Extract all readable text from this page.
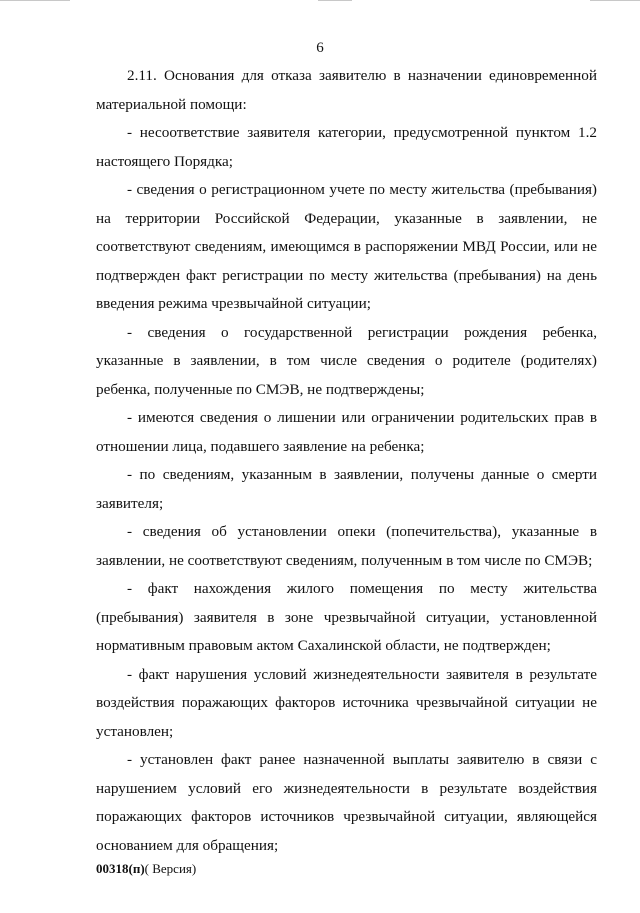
6

2.11. Основания для отказа заявителю в назначении единовременной материальной помощи:

- несоответствие заявителя категории, предусмотренной пунктом 1.2 настоящего Порядка;

- сведения о регистрационном учете по месту жительства (пребывания) на территории Российской Федерации, указанные в заявлении, не соответствуют сведениям, имеющимся в распоряжении МВД России, или не подтвержден факт регистрации по месту жительства (пребывания) на день введения режима чрезвычайной ситуации;

- сведения о государственной регистрации рождения ребенка, указанные в заявлении, в том числе сведения о родителе (родителях) ребенка, полученные по СМЭВ, не подтверждены;

- имеются сведения о лишении или ограничении родительских прав в отношении лица, подавшего заявление на ребенка;

- по сведениям, указанным в заявлении, получены данные о смерти заявителя;

- сведения об установлении опеки (попечительства), указанные в заявлении, не соответствуют сведениям, полученным в том числе по СМЭВ;

- факт нахождения жилого помещения по месту жительства (пребывания) заявителя в зоне чрезвычайной ситуации, установленной нормативным правовым актом Сахалинской области, не подтвержден;

- факт нарушения условий жизнедеятельности заявителя в результате воздействия поражающих факторов источника чрезвычайной ситуации не установлен;

- установлен факт ранее назначенной выплаты заявителю в связи с нарушением условий его жизнедеятельности в результате воздействия поражающих факторов источников чрезвычайной ситуации, являющейся основанием для обращения;

00318(п)( Версия)
